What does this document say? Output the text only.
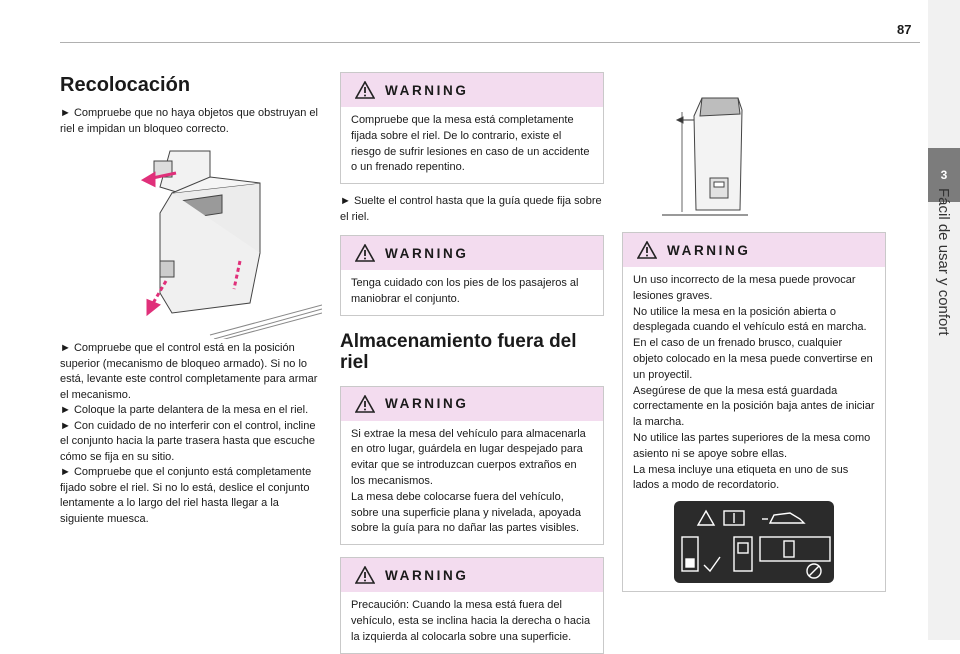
87
3
Fácil de usar y confort
Recolocación

► Compruebe que no haya objetos que obstruyan el riel e impidan un bloqueo correcto.

► Compruebe que el control está en la posición superior (mecanismo de bloqueo armado). Si no lo está, levante este control completamente para armar el mecanismo.

► Coloque la parte delantera de la mesa en el riel.

► Con cuidado de no interferir con el control, incline el conjunto hacia la parte trasera hasta que escuche cómo se fija en su sitio.

► Compruebe que el conjunto está completamente fijado sobre el riel. Si no lo está, deslice el conjunto lentamente a lo largo del riel hasta llegar a la siguiente muesca.

WARNING
Compruebe que la mesa está completamente fijada sobre el riel. De lo contrario, existe el riesgo de sufrir lesiones en caso de un accidente o un frenado repentino.

► Suelte el control hasta que la guía quede fija sobre el riel.

WARNING
Tenga cuidado con los pies de los pasajeros al maniobrar el conjunto.
Almacenamiento fuera del riel
WARNING
Si extrae la mesa del vehículo para almacenarla en otro lugar, guárdela en lugar despejado para evitar que se introduzcan cuerpos extraños en los mecanismos.
La mesa debe colocarse fuera del vehículo, sobre una superficie plana y nivelada, apoyada sobre la guía para no dañar las partes visibles.
WARNING
Precaución: Cuando la mesa está fuera del vehículo, esta se inclina hacia la derecha o hacia la izquierda al colocarla sobre una superficie.
WARNING
Un uso incorrecto de la mesa puede provocar lesiones graves.
No utilice la mesa en la posición abierta o desplegada cuando el vehículo está en marcha.
En el caso de un frenado brusco, cualquier objeto colocado en la mesa puede convertirse en un proyectil.
Asegúrese de que la mesa está guardada correctamente en la posición baja antes de iniciar la marcha.
No utilice las partes superiores de la mesa como asiento ni se apoye sobre ellas.
La mesa incluye una etiqueta en uno de sus lados a modo de recordatorio.
